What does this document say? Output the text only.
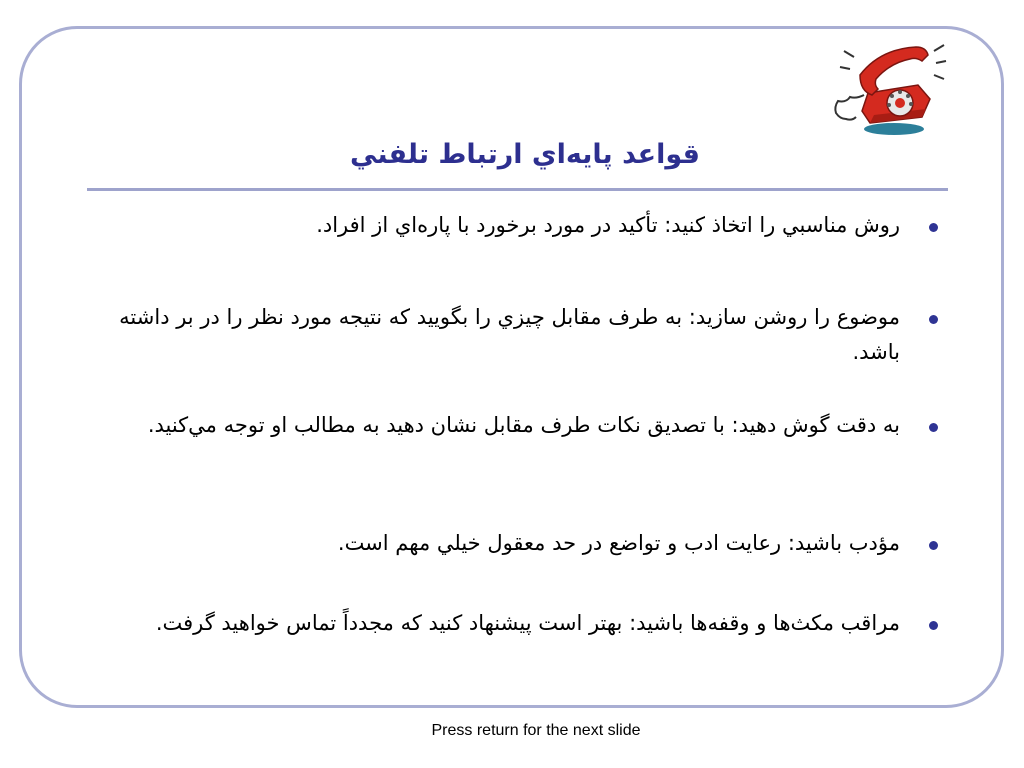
قواعد پايه‌اي ارتباط تلفني
روش مناسبي را اتخاذ كنيد: تأكيد در مورد برخورد با پاره‌اي از افراد.
موضوع را روشن سازيد: به طرف مقابل چيزي را بگوييد كه نتيجه مورد نظر را در بر داشته باشد.
به دقت گوش دهيد: با تصديق نكات طرف مقابل نشان دهيد به مطالب او توجه مي‌كنيد.
مؤدب باشيد: رعايت ادب و تواضع در حد معقول خيلي مهم است.
مراقب مكث‌ها و وقفه‌ها باشيد: بهتر است پيشنهاد كنيد كه مجدداً تماس خواهيد گرفت.
Press return for the next slide
